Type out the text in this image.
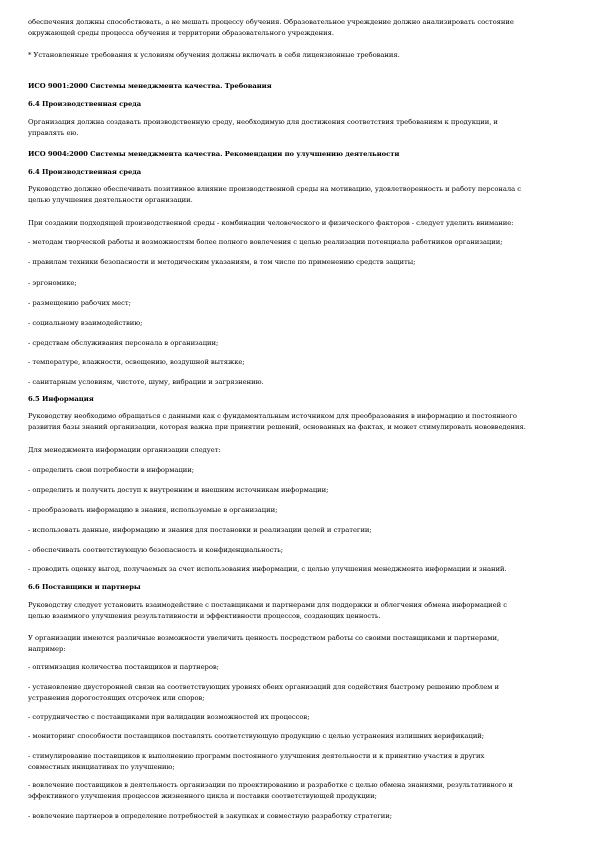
обеспечения должны способствовать, а не мешать процессу обучения. Образовательное учреждение должно анализировать состояние
окружающей среды процесса обучения и территории образовательного учреждения.
* Установленные требования к условиям обучения должны включать в себя лицензионные требования.
ИСО 9001:2000 Системы менеджмента качества. Требования
6.4 Производственная среда
Организация должна создавать производственную среду, необходимую для достижения соответствия требованиям к продукции, и
управлять ею.
ИСО 9004:2000 Системы менеджмента качества. Рекомендации по улучшению деятельности
6.4 Производственная среда
Руководство должно обеспечивать позитивное влияние производственной среды на мотивацию, удовлетворенность и работу персонала с
целью улучшения деятельности организации.
При создании подходящей производственной среды - комбинации человеческого и физического факторов - следует уделить внимание:
- методам творческой работы и возможностям более полного вовлечения с целью реализации потенциала работников организации;
- правилам техники безопасности и методическим указаниям, в том числе по применению средств защиты;
- эргономике;
- размещению рабочих мест;
- социальному взаимодействию;
- средствам обслуживания персонала в организации;
- температуре, влажности, освещению, воздушной вытяжке;
- санитарным условиям, чистоте, шуму, вибрации и загрязнению.
6.5 Информация
Руководству необходимо обращаться с данными как с фундаментальным источником для преобразования в информацию и постоянного
развития базы знаний организации, которая важна при принятии решений, основанных на фактах, и может стимулировать нововведения.
Для менеджмента информации организации следует:
- определить свои потребности в информации;
- определить и получить доступ к внутренним и внешним источникам информации;
- преобразовать информацию в знания, используемые в организации;
- использовать данные, информацию и знания для постановки и реализации целей и стратегии;
- обеспечивать соответствующую безопасность и конфиденциальность;
- проводить оценку выгод, получаемых за счет использования информации, с целью улучшения менеджмента информации и знаний.
6.6 Поставщики и партнеры
Руководству следует установить взаимодействие с поставщиками и партнерами для поддержки и облегчения обмена информацией с
целью взаимного улучшения результативности и эффективности процессов, создающих ценность.
У организации имеются различные возможности увеличить ценность посредством работы со своими поставщиками и партнерами,
например:
- оптимизация количества поставщиков и партнеров;
- установление двусторонней связи на соответствующих уровнях обеих организаций для содействия быстрому решению проблем и
устранения дорогостоящих отсрочек или споров;
- сотрудничество с поставщиками при валидации возможностей их процессов;
- мониторинг способности поставщиков поставлять соответствующую продукцию с целью устранения излишних верификаций;
- стимулирование поставщиков к выполнению программ постоянного улучшения деятельности и к принятию участия в других
совместных инициативах по улучшению;
- вовлечение поставщиков в деятельность организации по проектированию и разработке с целью обмена знаниями, результативного и
эффективного улучшения процессов жизненного цикла и поставки соответствующей продукции;
- вовлечение партнеров в определение потребностей в закупках и совместную разработку стратегии;
